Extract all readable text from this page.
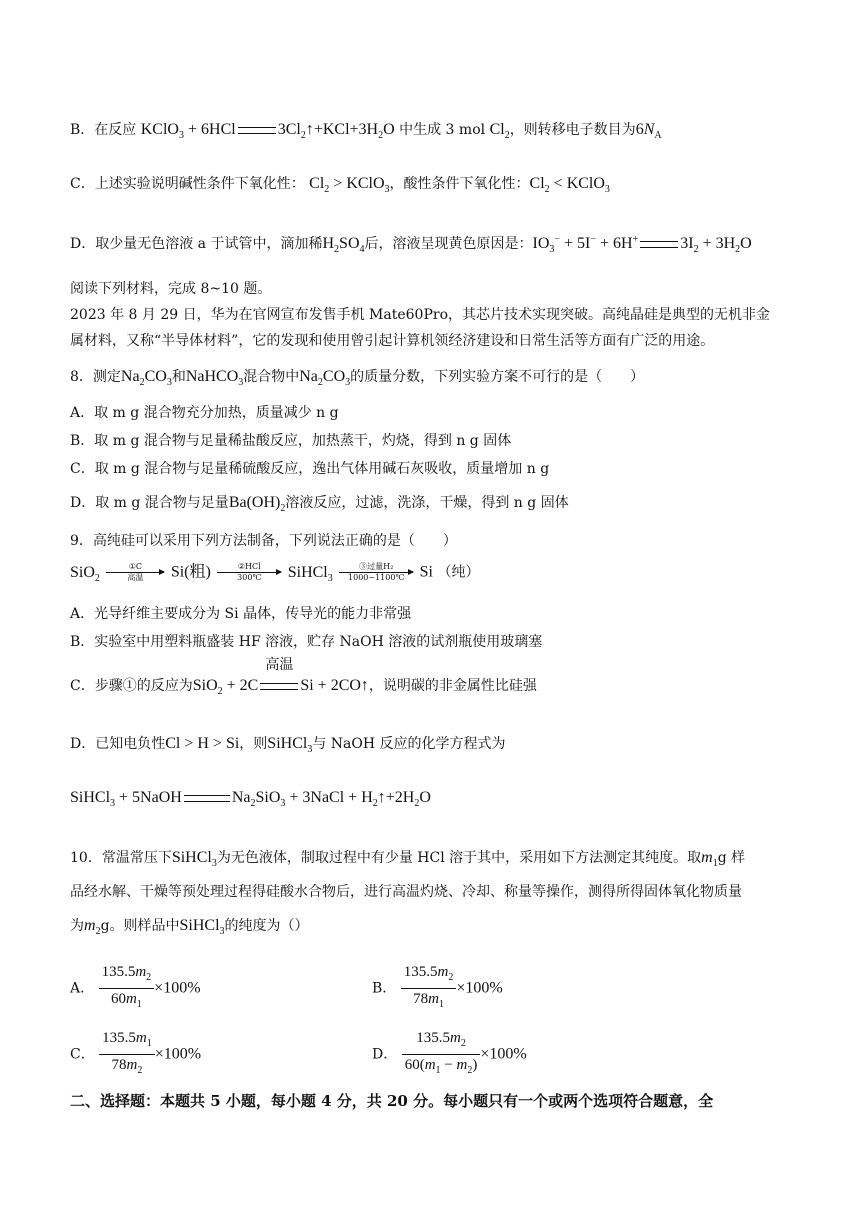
B．在反应 KClO$_3$ + 6HCl	$3Cl_2↑+KCl+3H_2O$ 中生成 3 mol $Cl_2$，则转移电子数目为$6N_A$
C．上述实验说明碱性条件下氧化性： $Cl_2$ > KClO$_3$，酸性条件下氧化性：$Cl_2$ < KClO$_3$
D．取少量无色溶液 a 于试管中，滴加稀$H_2SO_4$后，溶液呈现黄色原因是：$IO_3^- + 5I^- + 6H^+$	$3I_2 + 3H_2O$
阅读下列材料，完成 8~10 题。
2023 年 8 月 29 日，华为在官网宣布发售手机 Mate60Pro，其芯片技术实现突破。高纯晶硅是典型的无机非金
属材料，又称“半导体材料”，它的发现和使用曾引起计算机领经济建设和日常生活等方面有广泛的用途。
8．测定$Na_2CO_3$和NaHCO$_3$混合物中$Na_2CO_3$的质量分数，下列实验方案不可行的是（　　）
A．取 m g 混合物充分加热，质量减少 n g
B．取 m g 混合物与足量稀盐酸反应，加热蒸干，灼烧，得到 n g 固体
C．取 m g 混合物与足量稀硫酸反应，逸出气体用碱石灰吸收，质量增加 n g
D．取 m g 混合物与足量$Ba(OH)_2$溶液反应，过滤，洗涤，干燥，得到 n g 固体
9．高纯硅可以采用下列方法制备，下列说法正确的是（　　）
SiO$_2$
①C
高温	Si(粗)	②HCl
300℃	SiHCl$_3$
③过量H₂
1000~1100℃ Si （纯）
A．光导纤维主要成分为 Si 晶体，传导光的能力非常强
B．实验室中用塑料瓶盛装 HF 溶液，贮存 NaOH 溶液的试剂瓶使用玻璃塞
C．步骤①的反应为SiO$_2$ + 2C
高温
Si + 2CO↑，说明碳的非金属性比硅强
D．已知电负性Cl > H > Si，则SiHCl$_3$与 NaOH 反应的化学方程式为
SiHCl$_3$ + 5NaOH	$Na_2SiO_3$ + 3NaCl + $H_2↑+2H_2O$
10．常温常压下SiHCl$_3$为无色液体，制取过程中有少量 HCl 溶于其中，采用如下方法测定其纯度。取$m_1g$ 样
品经水解、干燥等预处理过程得硅酸水合物后，进行高温灼烧、冷却、称量等操作，测得所得固体氧化物质量
为$m_2g$。则样品中SiHCl$_3$的纯度为（）
A． $\frac{135.5m_2}{60m_1} \times 100\%$	B． $\frac{135.5m_2}{78m_1} \times 100\%$
C． $\frac{135.5m_1}{78m_2} \times 100\%$	D． $\frac{135.5m_2}{60(m_1 - m_2)} \times 100\%$
二、选择题：本题共 5 小题，每小题 4 分，共 20 分。每小题只有一个或两个选项符合题意，全
